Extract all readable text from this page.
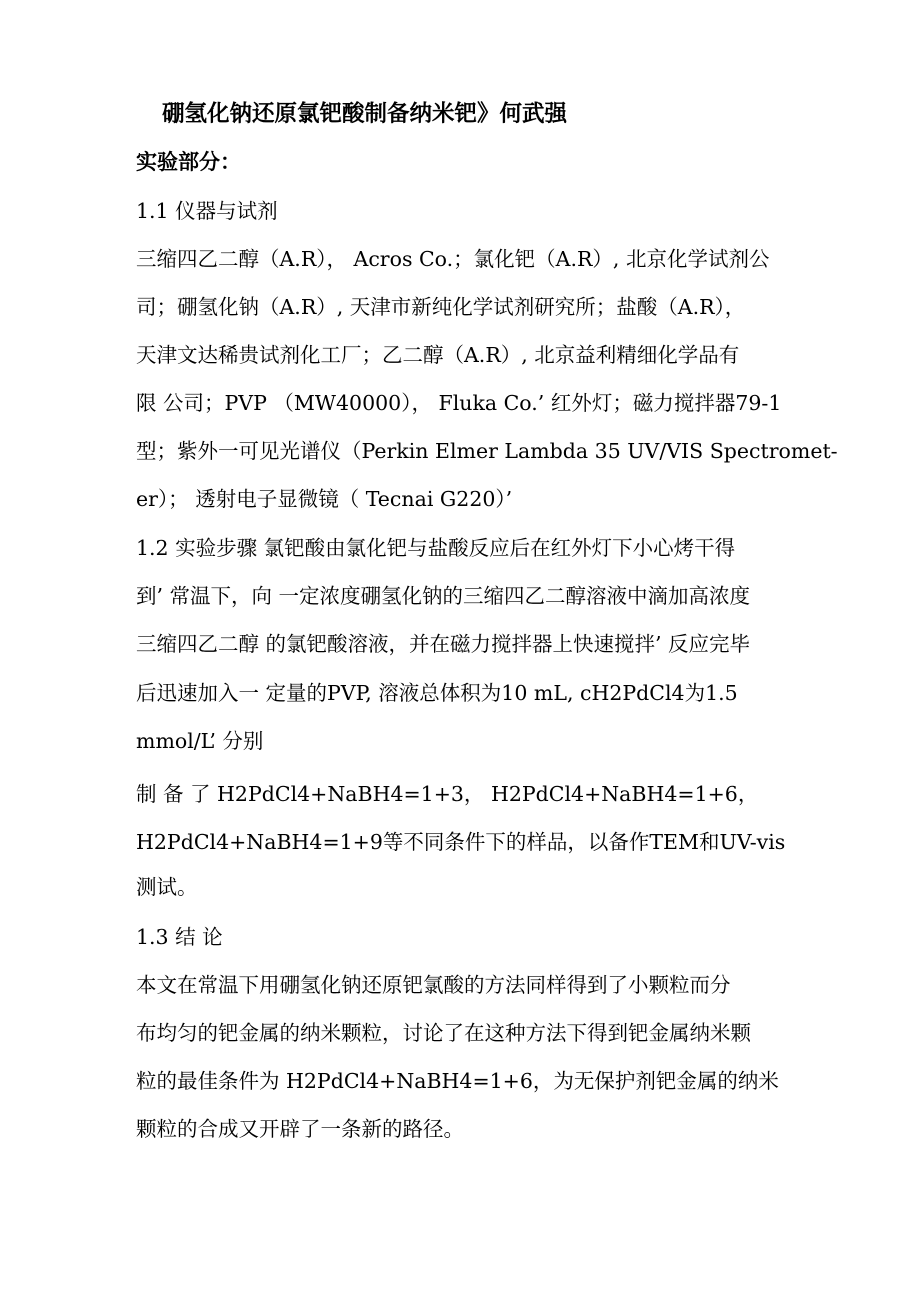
硼氢化钠还原氯钯酸制备纳米钯》何武强
实验部分：
1.1 仪器与试剂
三缩四乙二醇（A.R）， Acros Co.；氯化钯（A.R）, 北京化学试剂公
司；硼氢化钠（A.R）, 天津市新纯化学试剂研究所；盐酸（A.R），
天津文达稀贵试剂化工厂；乙二醇（A.R）, 北京益利精细化学品有
限 公司；PVP （MW40000）， Fluka Co.’ 红外灯；磁力搅拌器79-1
型；紫外一可见光谱仪（Perkin Elmer Lambda 35 UV/VIS Spectromet-
er）； 透射电子显微镜（ Tecnai G220）’
1.2 实验步骤 氯钯酸由氯化钯与盐酸反应后在红外灯下小心烤干得
到’ 常温下，向 一定浓度硼氢化钠的三缩四乙二醇溶液中滴加高浓度
三缩四乙二醇 的氯钯酸溶液，并在磁力搅拌器上快速搅拌’ 反应完毕
后迅速加入一 定量的PVP, 溶液总体积为10 mL, cH2PdCl4为1.5
mmol/L’ 分别
制 备 了 H2PdCl4+NaBH4=1+3， H2PdCl4+NaBH4=1+6，
H2PdCl4+NaBH4=1+9等不同条件下的样品，以备作TEM和UV-vis
测试。
1.3 结 论
本文在常温下用硼氢化钠还原钯氯酸的方法同样得到了小颗粒而分
布均匀的钯金属的纳米颗粒，讨论了在这种方法下得到钯金属纳米颗
粒的最佳条件为 H2PdCl4+NaBH4=1+6，为无保护剂钯金属的纳米
颗粒的合成又开辟了一条新的路径。
